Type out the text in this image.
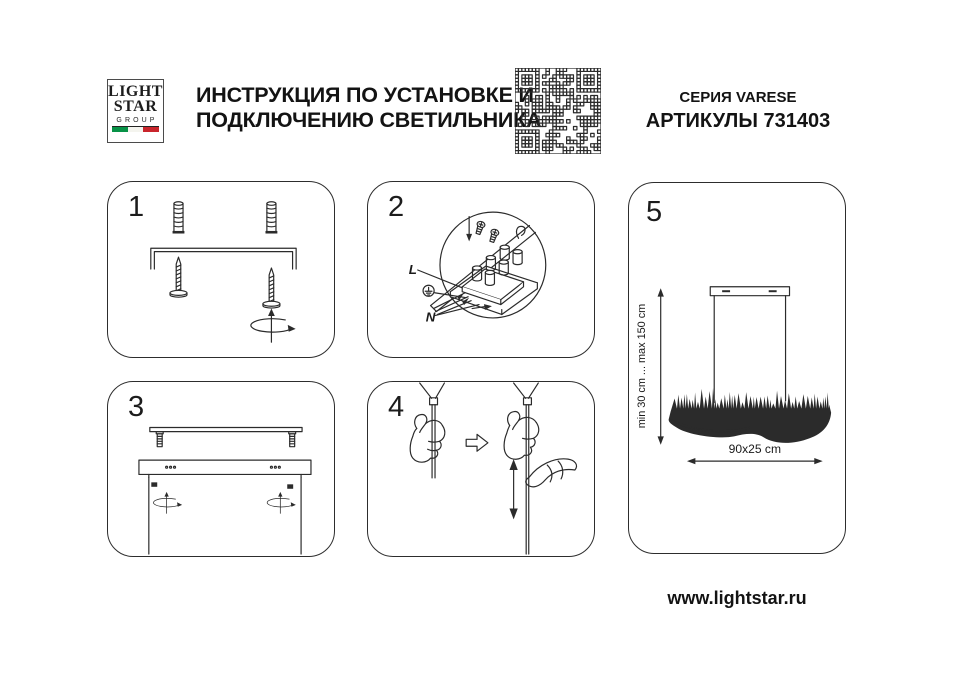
LIGHT
STAR
GROUP
ИНСТРУКЦИЯ ПО УСТАНОВКЕ И
ПОДКЛЮЧЕНИЮ СВЕТИЛЬНИКА
СЕРИЯ VARESE
АРТИКУЛЫ 731403
1	2
L
N
3	4
5
min 30 cm ... max 150 cm
90x25 cm
www.lightstar.ru
